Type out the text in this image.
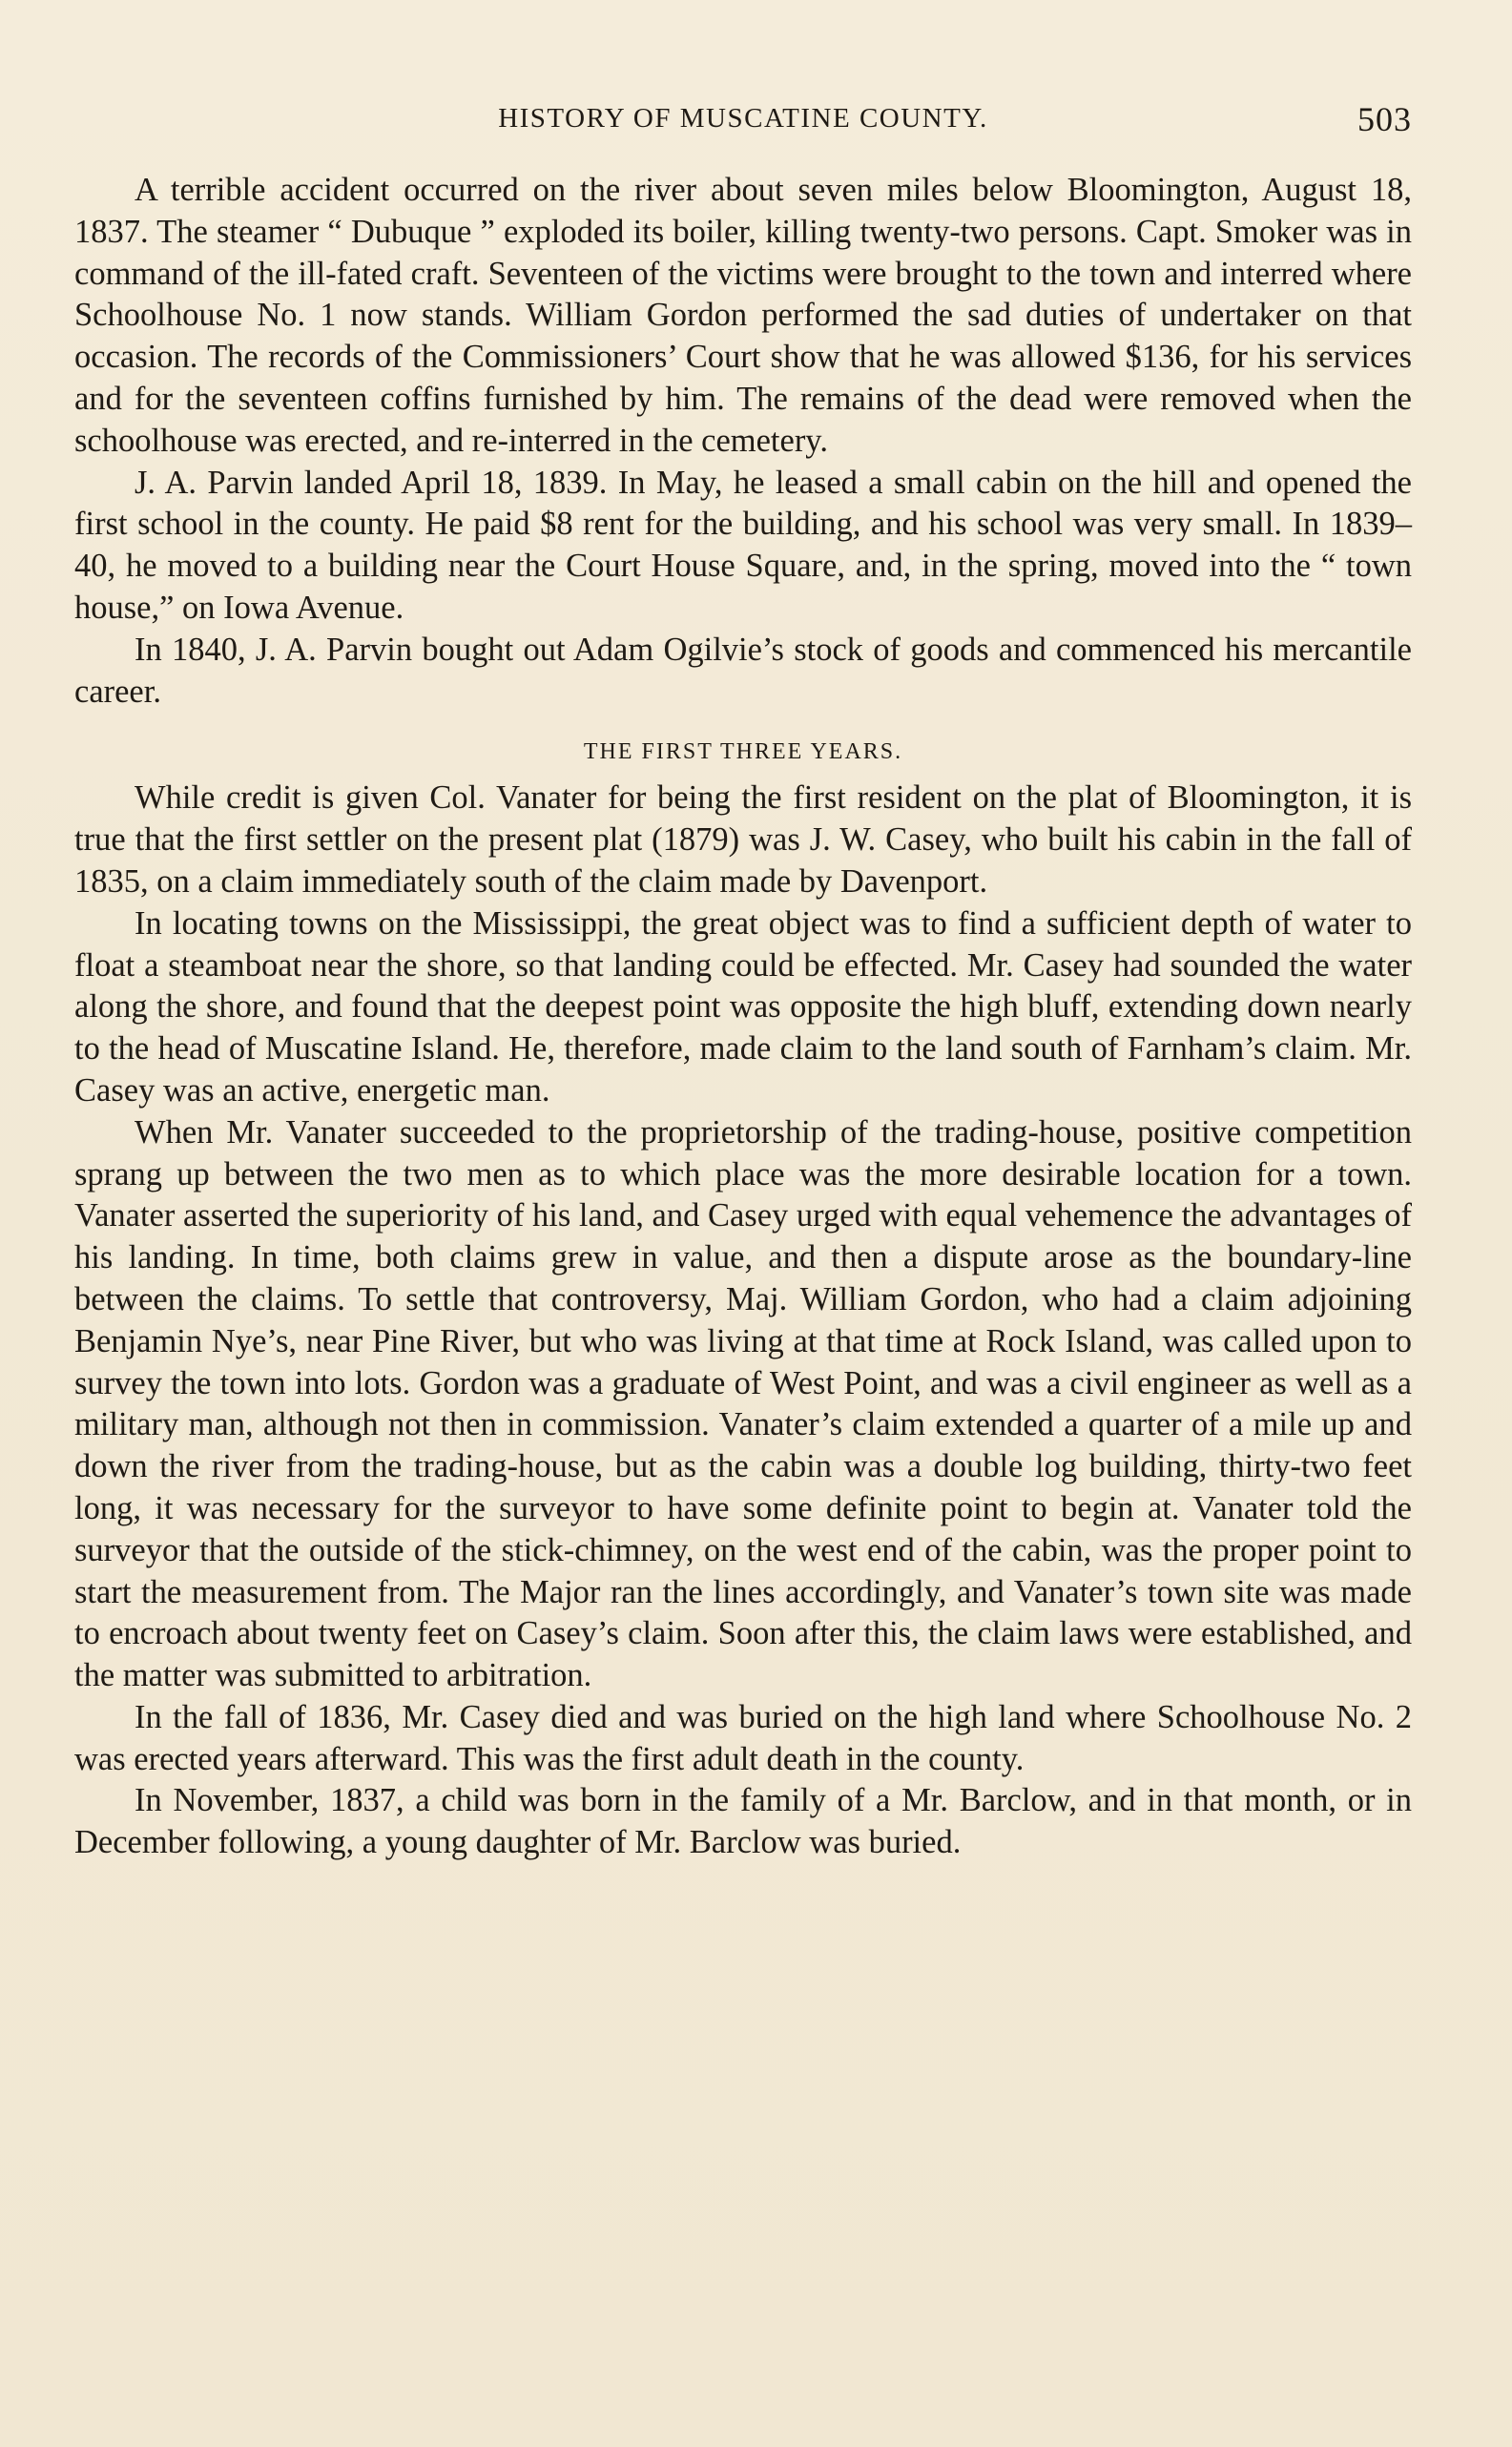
HISTORY OF MUSCATINE COUNTY.	503

A terrible accident occurred on the river about seven miles below Bloomington, August 18, 1837. The steamer “ Dubuque ” exploded its boiler, killing twenty-two persons. Capt. Smoker was in command of the ill-fated craft. Seventeen of the victims were brought to the town and interred where Schoolhouse No. 1 now stands. William Gordon performed the sad duties of undertaker on that occasion. The records of the Commissioners’ Court show that he was allowed $136, for his services and for the seventeen coffins furnished by him. The remains of the dead were removed when the schoolhouse was erected, and re-interred in the cemetery.

J. A. Parvin landed April 18, 1839. In May, he leased a small cabin on the hill and opened the first school in the county. He paid $8 rent for the building, and his school was very small. In 1839–40, he moved to a building near the Court House Square, and, in the spring, moved into the “ town house,” on Iowa Avenue.

In 1840, J. A. Parvin bought out Adam Ogilvie’s stock of goods and commenced his mercantile career.

THE FIRST THREE YEARS.

While credit is given Col. Vanater for being the first resident on the plat of Bloomington, it is true that the first settler on the present plat (1879) was J. W. Casey, who built his cabin in the fall of 1835, on a claim immediately south of the claim made by Davenport.

In locating towns on the Mississippi, the great object was to find a sufficient depth of water to float a steamboat near the shore, so that landing could be effected. Mr. Casey had sounded the water along the shore, and found that the deepest point was opposite the high bluff, extending down nearly to the head of Muscatine Island. He, therefore, made claim to the land south of Farnham’s claim. Mr. Casey was an active, energetic man.

When Mr. Vanater succeeded to the proprietorship of the trading-house, positive competition sprang up between the two men as to which place was the more desirable location for a town. Vanater asserted the superiority of his land, and Casey urged with equal vehemence the advantages of his landing. In time, both claims grew in value, and then a dispute arose as the boundary-line between the claims. To settle that controversy, Maj. William Gordon, who had a claim adjoining Benjamin Nye’s, near Pine River, but who was living at that time at Rock Island, was called upon to survey the town into lots. Gordon was a graduate of West Point, and was a civil engineer as well as a military man, although not then in commission. Vanater’s claim extended a quarter of a mile up and down the river from the trading-house, but as the cabin was a double log building, thirty-two feet long, it was necessary for the surveyor to have some definite point to begin at. Vanater told the surveyor that the outside of the stick-chimney, on the west end of the cabin, was the proper point to start the measurement from. The Major ran the lines accordingly, and Vanater’s town site was made to encroach about twenty feet on Casey’s claim. Soon after this, the claim laws were established, and the matter was submitted to arbitration.

In the fall of 1836, Mr. Casey died and was buried on the high land where Schoolhouse No. 2 was erected years afterward. This was the first adult death in the county.

In November, 1837, a child was born in the family of a Mr. Barclow, and in that month, or in December following, a young daughter of Mr. Barclow was buried.
